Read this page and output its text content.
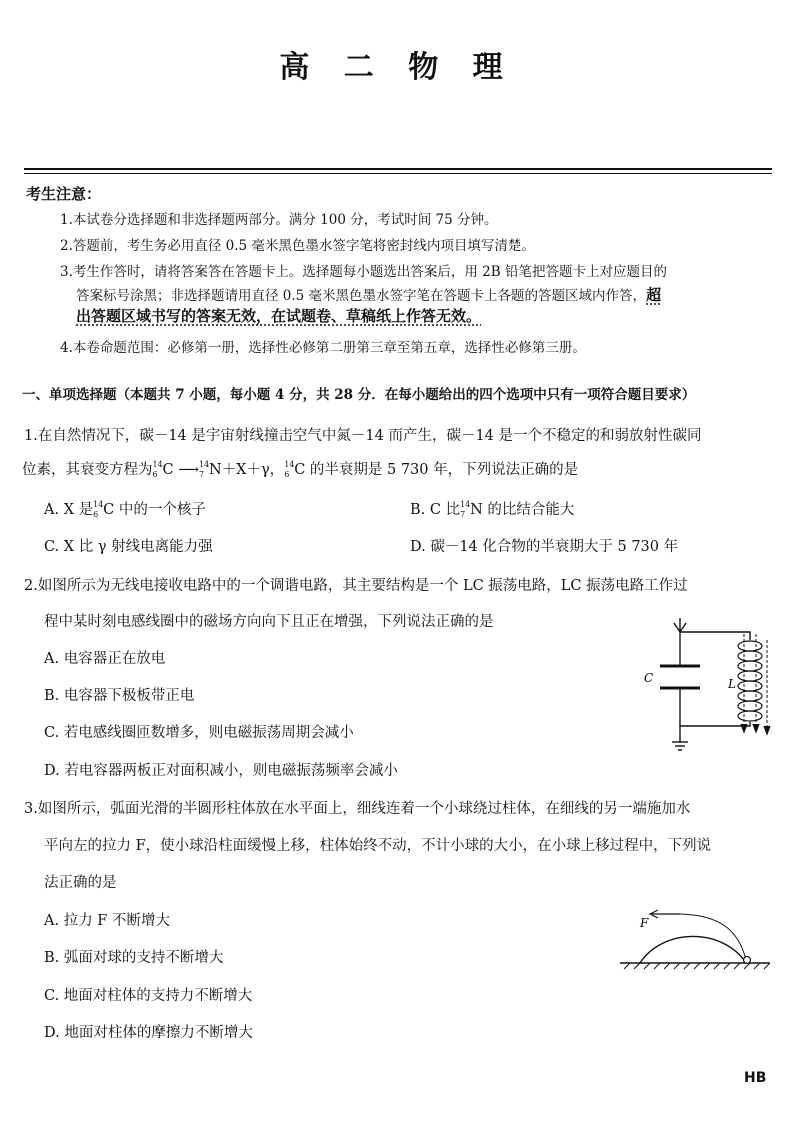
高 二 物 理
考生注意：
1.本试卷分选择题和非选择题两部分。满分 100 分，考试时间 75 分钟。
2.答题前，考生务必用直径 0.5 毫米黑色墨水签字笔将密封线内项目填写清楚。
3.考生作答时，请将答案答在答题卡上。选择题每小题选出答案后，用 2B 铅笔把答题卡上对应题目的
答案标号涂黑；非选择题请用直径 0.5 毫米黑色墨水签字笔在答题卡上各题的答题区域内作答，超
出答题区域书写的答案无效，在试题卷、草稿纸上作答无效。
4.本卷命题范围：必修第一册，选择性必修第二册第三章至第五章，选择性必修第三册。
一、单项选择题（本题共 7 小题，每小题 4 分，共 28 分．在每小题给出的四个选项中只有一项符合题目要求）
1.在自然情况下，碳－14 是宇宙射线撞击空气中氮－14 而产生，碳－14 是一个不稳定的和弱放射性碳同
位素，其衰变方程为 14
6 C ⟶ 14
7 N＋X＋γ， 14
6 C 的半衰期是 5 730 年，下列说法正确的是
A. X 是 14
6 C 中的一个核子	B. C 比 14
7 N 的比结合能大
C. X 比 γ 射线电离能力强	D. 碳－14 化合物的半衰期大于 5 730 年
2.如图所示为无线电接收电路中的一个调谐电路，其主要结构是一个 LC 振荡电路，LC 振荡电路工作过
程中某时刻电感线圈中的磁场方向向下且正在增强，下列说法正确的是
A. 电容器正在放电
B. 电容器下极板带正电
C. 若电感线圈匝数增多，则电磁振荡周期会减小
D. 若电容器两板正对面积减小，则电磁振荡频率会减小
C	L
3.如图所示，弧面光滑的半圆形柱体放在水平面上，细线连着一个小球绕过柱体，在细线的另一端施加水
平向左的拉力 F，使小球沿柱面缓慢上移，柱体始终不动，不计小球的大小，在小球上移过程中，下列说
法正确的是
A. 拉力 F 不断增大
B. 弧面对球的支持不断增大
C. 地面对柱体的支持力不断增大
D. 地面对柱体的摩擦力不断增大
F
HB
